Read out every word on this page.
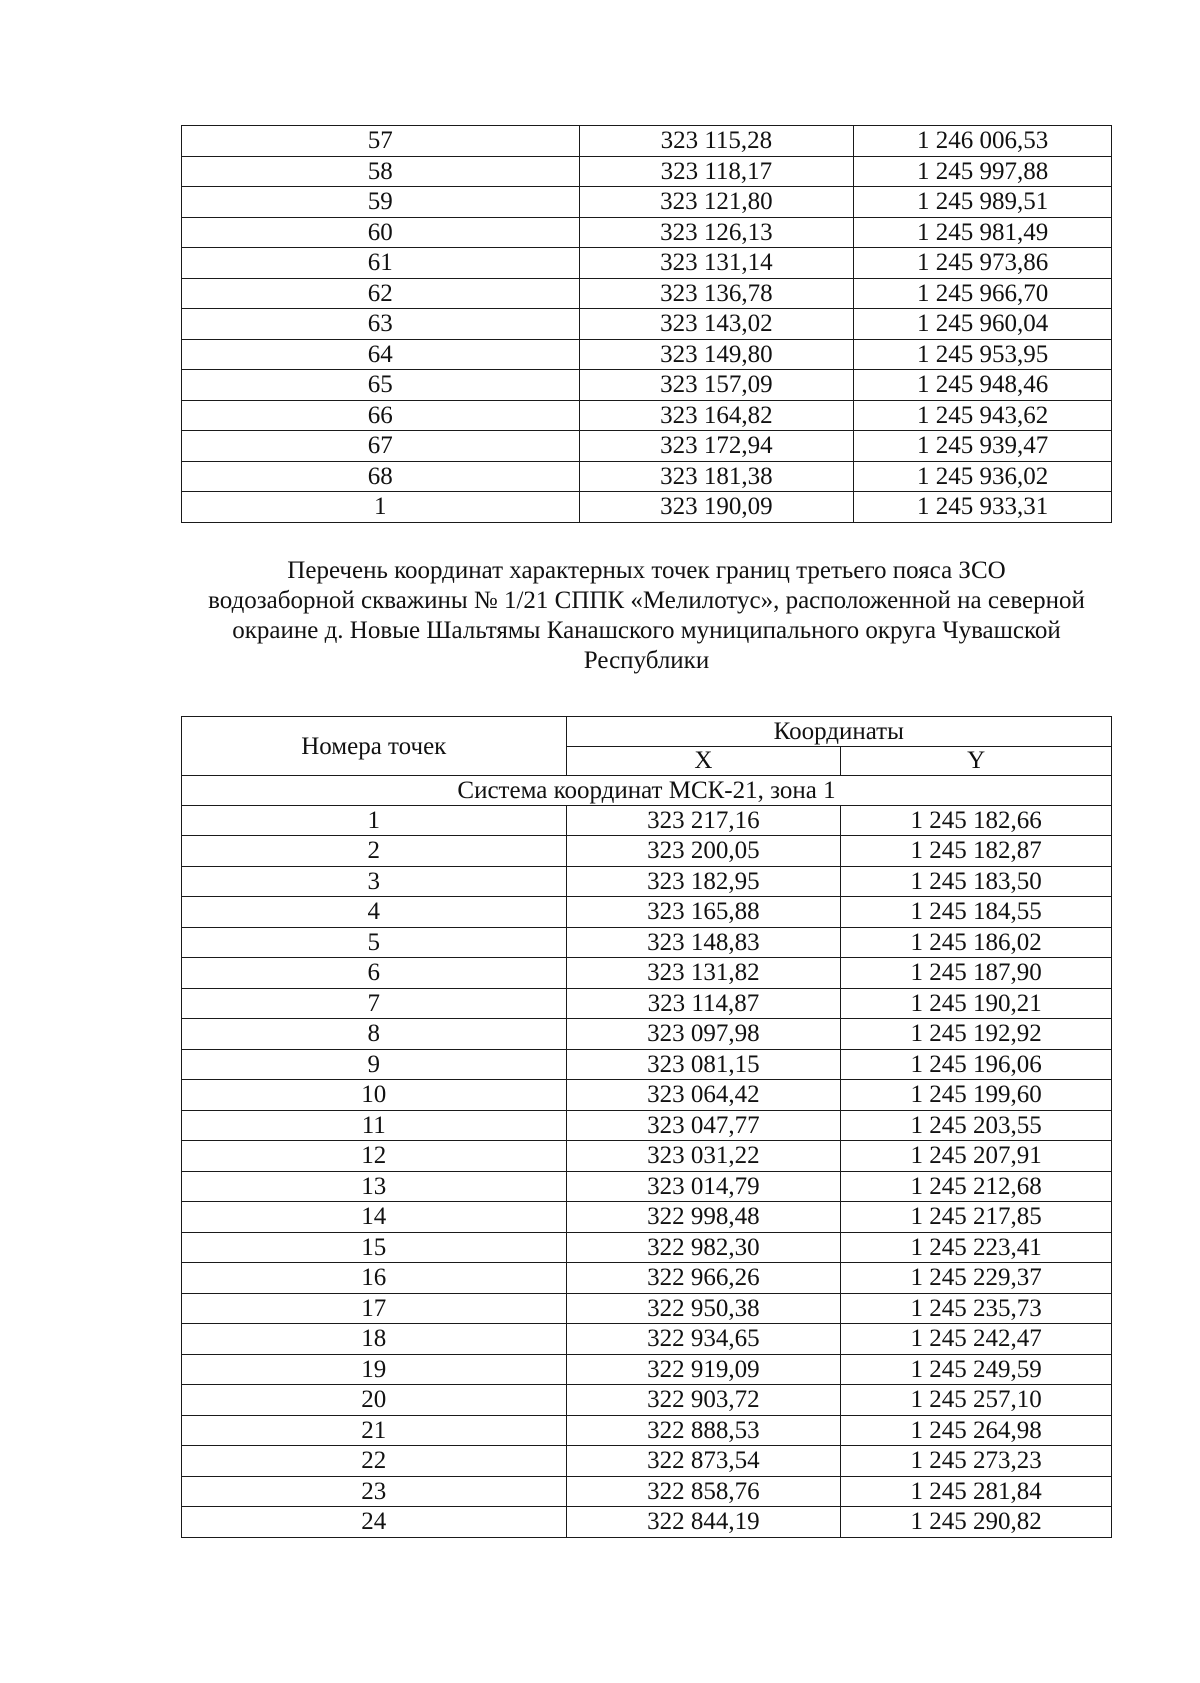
57	323 115,28	1 246 006,53
58	323 118,17	1 245 997,88
59	323 121,80	1 245 989,51
60	323 126,13	1 245 981,49
61	323 131,14	1 245 973,86
62	323 136,78	1 245 966,70
63	323 143,02	1 245 960,04
64	323 149,80	1 245 953,95
65	323 157,09	1 245 948,46
66	323 164,82	1 245 943,62
67	323 172,94	1 245 939,47
68	323 181,38	1 245 936,02
1	323 190,09	1 245 933,31
Перечень координат характерных точек границ третьего пояса ЗСО
водозаборной скважины № 1/21 СППК «Мелилотус», расположенной на северной
окраине д. Новые Шальтямы Канашского муниципального округа Чувашской
Республики
Номера точек	Координаты	
	X	Y
Система координат МСК-21, зона 1		
1	323 217,16	1 245 182,66
2	323 200,05	1 245 182,87
3	323 182,95	1 245 183,50
4	323 165,88	1 245 184,55
5	323 148,83	1 245 186,02
6	323 131,82	1 245 187,90
7	323 114,87	1 245 190,21
8	323 097,98	1 245 192,92
9	323 081,15	1 245 196,06
10	323 064,42	1 245 199,60
11	323 047,77	1 245 203,55
12	323 031,22	1 245 207,91
13	323 014,79	1 245 212,68
14	322 998,48	1 245 217,85
15	322 982,30	1 245 223,41
16	322 966,26	1 245 229,37
17	322 950,38	1 245 235,73
18	322 934,65	1 245 242,47
19	322 919,09	1 245 249,59
20	322 903,72	1 245 257,10
21	322 888,53	1 245 264,98
22	322 873,54	1 245 273,23
23	322 858,76	1 245 281,84
24	322 844,19	1 245 290,82
